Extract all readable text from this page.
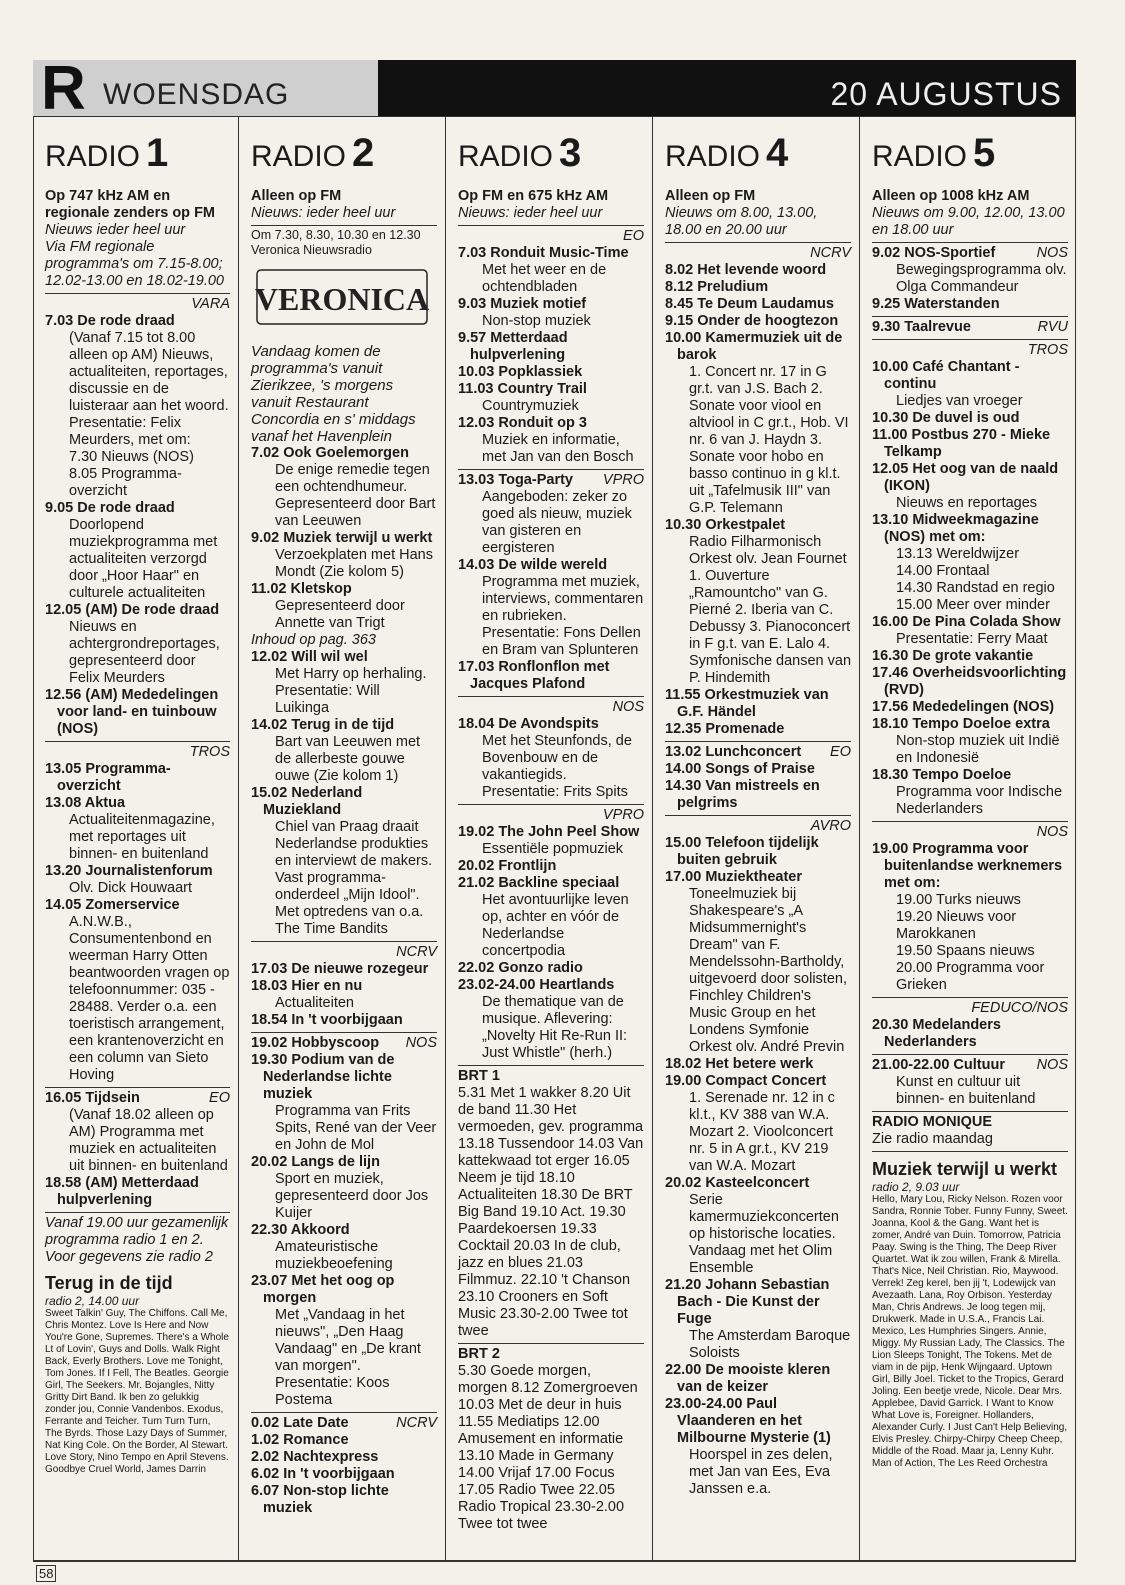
R WOENSDAG	20 AUGUSTUS
RADIO 1
Op 747 kHz AM en regionale zenders op FM
Nieuws ieder heel uur
Via FM regionale programma's om 7.15-8.00; 12.02-13.00 en 18.02-19.00
VARA
7.03 De rode draad
(Vanaf 7.15 tot 8.00 alleen op AM) Nieuws, actualiteiten, reportages, discussie en de luisteraar aan het woord. Presentatie: Felix Meurders, met om:
7.30 Nieuws (NOS)
8.05 Programma-overzicht
9.05 De rode draad
Doorlopend muziekprogramma met actualiteiten verzorgd door „Hoor Haar" en culturele actualiteiten
12.05 (AM) De rode draad
Nieuws en achtergrondreportages, gepresenteerd door Felix Meurders
12.56 (AM) Mededelingen voor land- en tuinbouw (NOS)
TROS
13.05 Programma-overzicht
13.08 Aktua
Actualiteitenmagazine, met reportages uit binnen- en buitenland
13.20 Journalistenforum
Olv. Dick Houwaart
14.05 Zomerservice
A.N.W.B., Consumentenbond en weerman Harry Otten beantwoorden vragen op telefoonnummer: 035 - 28488. Verder o.a. een toeristisch arrangement, een krantenoverzicht en een column van Sieto Hoving
EO
16.05 Tijdsein
(Vanaf 18.02 alleen op AM) Programma met muziek en actualiteiten uit binnen- en buitenland
18.58 (AM) Metterdaad hulpverlening
Vanaf 19.00 uur gezamenlijk programma radio 1 en 2. Voor gegevens zie radio 2
Terug in de tijd
radio 2, 14.00 uur
Sweet Talkin' Guy, The Chiffons. Call Me, Chris Montez. Love Is Here and Now You're Gone, Supremes. There's a Whole Lt of Lovin', Guys and Dolls. Walk Right Back, Everly Brothers. Love me Tonight, Tom Jones. If I Fell, The Beatles. Georgie Girl, The Seekers. Mr. Bojangles, Nitty Gritty Dirt Band. Ik ben zo gelukkig zonder jou, Connie Vandenbos. Exodus, Ferrante and Teicher. Turn Turn Turn, The Byrds. Those Lazy Days of Summer, Nat King Cole. On the Border, Al Stewart. Love Story, Nino Tempo en April Stevens. Goodbye Cruel World, James Darrin
RADIO 2
Alleen op FM
Nieuws: ieder heel uur
Om 7.30, 8.30, 10.30 en 12.30 Veronica Nieuwsradio
VERONICA
Vandaag komen de programma's vanuit Zierikzee, 's morgens vanuit Restaurant Concordia en s' middags vanaf het Havenplein
7.02 Ook Goelemorgen
De enige remedie tegen een ochtendhumeur. Gepresenteerd door Bart van Leeuwen
9.02 Muziek terwijl u werkt
Verzoekplaten met Hans Mondt (Zie kolom 5)
11.02 Kletskop
Gepresenteerd door Annette van Trigt
Inhoud op pag. 363
12.02 Will wil wel
Met Harry op herhaling. Presentatie: Will Luikinga
14.02 Terug in de tijd
Bart van Leeuwen met de allerbeste gouwe ouwe (Zie kolom 1)
15.02 Nederland Muziekland
Chiel van Praag draait Nederlandse produkties en interviewt de makers. Vast programma-onderdeel „Mijn Idool". Met optredens van o.a. The Time Bandits
NCRV
17.03 De nieuwe rozegeur
18.03 Hier en nu
Actualiteiten
18.54 In 't voorbijgaan
NOS
19.02 Hobbyscoop
19.30 Podium van de Nederlandse lichte muziek
Programma van Frits Spits, René van der Veer en John de Mol
20.02 Langs de lijn
Sport en muziek, gepresenteerd door Jos Kuijer
22.30 Akkoord
Amateuristische muziekbeoefening
23.07 Met het oog op morgen
Met „Vandaag in het nieuws", „Den Haag Vandaag" en „De krant van morgen". Presentatie: Koos Postema
NCRV
0.02 Late Date
1.02 Romance
2.02 Nachtexpress
6.02 In 't voorbijgaan
6.07 Non-stop lichte muziek
RADIO 3
Op FM en 675 kHz AM
Nieuws: ieder heel uur
EO
7.03 Ronduit Music-Time
Met het weer en de ochtendbladen
9.03 Muziek motief
Non-stop muziek
9.57 Metterdaad hulpverlening
10.03 Popklassiek
11.03 Country Trail
Countrymuziek
12.03 Ronduit op 3
Muziek en informatie, met Jan van den Bosch
VPRO
13.03 Toga-Party
Aangeboden: zeker zo goed als nieuw, muziek van gisteren en eergisteren
14.03 De wilde wereld
Programma met muziek, interviews, commentaren en rubrieken. Presentatie: Fons Dellen en Bram van Splunteren
17.03 Ronflonflon met Jacques Plafond
NOS
18.04 De Avondspits
Met het Steunfonds, de Bovenbouw en de vakantiegids. Presentatie: Frits Spits
VPRO
19.02 The John Peel Show
Essentiële popmuziek
20.02 Frontlijn
21.02 Backline speciaal
Het avontuurlijke leven op, achter en vóór de Nederlandse concertpodia
22.02 Gonzo radio
23.02-24.00 Heartlands
De thematique van de musique. Aflevering: „Novelty Hit Re-Run II: Just Whistle" (herh.)
BRT 1
5.31 Met 1 wakker 8.20 Uit de band 11.30 Het vermoeden, gev. programma 13.18 Tussendoor 14.03 Van kattekwaad tot erger 16.05 Neem je tijd 18.10 Actualiteiten 18.30 De BRT Big Band 19.10 Act. 19.30 Paardekoersen 19.33 Cocktail 20.03 In de club, jazz en blues 21.03 Filmmuz. 22.10 't Chanson 23.10 Crooners en Soft Music 23.30-2.00 Twee tot twee
BRT 2
5.30 Goede morgen, morgen 8.12 Zomergroeven 10.03 Met de deur in huis 11.55 Mediatips 12.00 Amusement en informatie 13.10 Made in Germany 14.00 Vrijaf 17.00 Focus 17.05 Radio Twee 22.05 Radio Tropical 23.30-2.00 Twee tot twee
RADIO 4
Alleen op FM
Nieuws om 8.00, 13.00, 18.00 en 20.00 uur
NCRV
8.02 Het levende woord
8.12 Preludium
8.45 Te Deum Laudamus
9.15 Onder de hoogtezon
10.00 Kamermuziek uit de barok
1. Concert nr. 17 in G gr.t. van J.S. Bach 2. Sonate voor viool en altviool in C gr.t., Hob. VI nr. 6 van J. Haydn 3. Sonate voor hobo en basso continuo in g kl.t. uit „Tafelmusik III" van G.P. Telemann
10.30 Orkestpalet
Radio Filharmonisch Orkest olv. Jean Fournet 1. Ouverture „Ramountcho" van G. Pierné 2. Iberia van C. Debussy 3. Pianoconcert in F g.t. van E. Lalo 4. Symfonische dansen van P. Hindemith
11.55 Orkestmuziek van G.F. Händel
12.35 Promenade
EO
13.02 Lunchconcert
14.00 Songs of Praise
14.30 Van mistreels en pelgrims
AVRO
15.00 Telefoon tijdelijk buiten gebruik
17.00 Muziektheater
Toneelmuziek bij Shakespeare's „A Midsummernight's Dream" van F. Mendelssohn-Bartholdy, uitgevoerd door solisten, Finchley Children's Music Group en het Londens Symfonie Orkest olv. André Previn
18.02 Het betere werk
19.00 Compact Concert
1. Serenade nr. 12 in c kl.t., KV 388 van W.A. Mozart 2. Vioolconcert nr. 5 in A gr.t., KV 219 van W.A. Mozart
20.02 Kasteelconcert
Serie kamermuziekconcerten op historische locaties. Vandaag met het Olim Ensemble
21.20 Johann Sebastian Bach - Die Kunst der Fuge
The Amsterdam Baroque Soloists
22.00 De mooiste kleren van de keizer
23.00-24.00 Paul Vlaanderen en het Milbourne Mysterie (1)
Hoorspel in zes delen, met Jan van Ees, Eva Janssen e.a.
RADIO 5
Alleen op 1008 kHz AM
Nieuws om 9.00, 12.00, 13.00 en 18.00 uur
NOS
9.02 NOS-Sportief
Bewegingsprogramma olv. Olga Commandeur
9.25 Waterstanden
RVU
9.30 Taalrevue
TROS
10.00 Café Chantant - continu
Liedjes van vroeger
10.30 De duvel is oud
11.00 Postbus 270 - Mieke Telkamp
12.05 Het oog van de naald (IKON)
Nieuws en reportages
13.10 Midweekmagazine (NOS) met om:
13.13 Wereldwijzer
14.00 Frontaal
14.30 Randstad en regio
15.00 Meer over minder
16.00 De Pina Colada Show
Presentatie: Ferry Maat
16.30 De grote vakantie
17.46 Overheidsvoorlichting (RVD)
17.56 Mededelingen (NOS)
18.10 Tempo Doeloe extra
Non-stop muziek uit Indië en Indonesië
18.30 Tempo Doeloe
Programma voor Indische Nederlanders
NOS
19.00 Programma voor buitenlandse werknemers met om:
19.00 Turks nieuws
19.20 Nieuws voor Marokkanen
19.50 Spaans nieuws
20.00 Programma voor Grieken
FEDUCO/NOS
20.30 Medelanders Nederlanders
NOS
21.00-22.00 Cultuur
Kunst en cultuur uit binnen- en buitenland
RADIO MONIQUE
Zie radio maandag
Muziek terwijl u werkt
radio 2, 9.03 uur
Hello, Mary Lou, Ricky Nelson. Rozen voor Sandra, Ronnie Tober. Funny Funny, Sweet. Joanna, Kool & the Gang. Want het is zomer, André van Duin. Tomorrow, Patricia Paay. Swing is the Thing, The Deep River Quartet. Wat ik zou willen, Frank & Mirella. That's Nice, Neil Christian. Rio, Maywood. Verrek! Zeg kerel, ben jij 't, Lodewijck van Avezaath. Lana, Roy Orbison. Yesterday Man, Chris Andrews. Je loog tegen mij, Drukwerk. Made in U.S.A., Francis Lai. Mexico, Les Humphries Singers. Annie, Miggy. My Russian Lady, The Classics. The Lion Sleeps Tonight, The Tokens. Met de viam in de pijp, Henk Wijngaard. Uptown Girl, Billy Joel. Ticket to the Tropics, Gerard Joling. Een beetje vrede, Nicole. Dear Mrs. Applebee, David Garrick. I Want to Know What Love is, Foreigner. Hollanders, Alexander Curly. I Just Can't Help Believing, Elvis Presley. Chirpy-Chirpy Cheep Cheep, Middle of the Road. Maar ja, Lenny Kuhr. Man of Action, The Les Reed Orchestra
58
